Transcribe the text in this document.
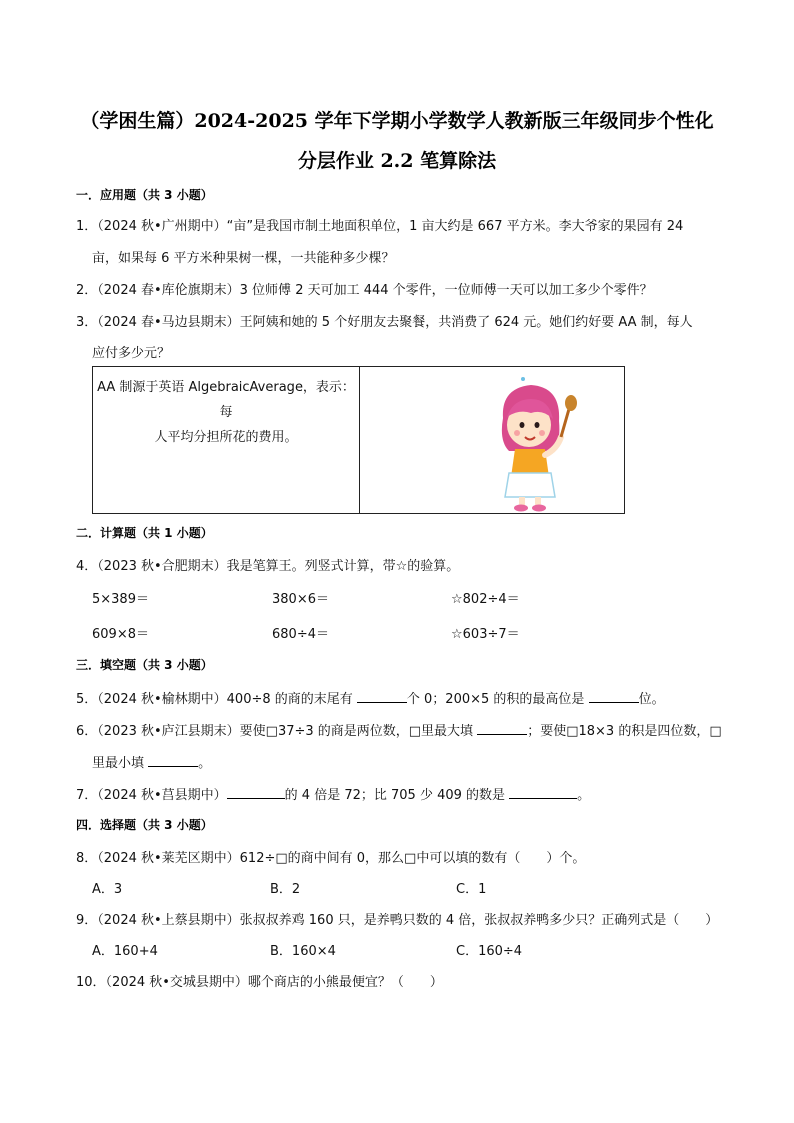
（学困生篇）2024-2025 学年下学期小学数学人教新版三年级同步个性化
分层作业 2.2 笔算除法
一．应用题（共 3 小题）
1．（2024 秋•广州期中）“亩”是我国市制土地面积单位，1 亩大约是 667 平方米。李大爷家的果园有 24
亩，如果每 6 平方米种果树一棵，一共能种多少棵？
2．（2024 春•库伦旗期末）3 位师傅 2 天可加工 444 个零件，一位师傅一天可以加工多少个零件？
3．（2024 春•马边县期末）王阿姨和她的 5 个好朋友去聚餐，共消费了 624 元。她们约好要 AA 制，每人
应付多少元？
AA 制源于英语 AlgebraicAverage，表示：每
人平均分担所花的费用。
二．计算题（共 1 小题）
4．（2023 秋•合肥期末）我是笔算王。列竖式计算，带☆的验算。
5×389＝	380×6＝	☆802÷4＝
609×8＝	680÷4＝	☆603÷7＝
三．填空题（共 3 小题）
5．（2024 秋•榆林期中）400÷8 的商的末尾有	个 0；200×5 的积的最高位是	位。
6．（2023 秋•庐江县期末）要使□37÷3 的商是两位数，□里最大填	；要使□18×3 的积是四位数，□
里最小填	。
7．（2024 秋•莒县期中）	的 4 倍是 72；比 705 少 409 的数是	。
四．选择题（共 3 小题）
8．（2024 秋•莱芜区期中）612÷□的商中间有 0，那么□中可以填的数有（　　）个。
A．3	B．2	C．1
9．（2024 秋•上蔡县期中）张叔叔养鸡 160 只，是养鸭只数的 4 倍，张叔叔养鸭多少只？正确列式是（　　）
A．160+4	B．160×4	C．160÷4
10．（2024 秋•交城县期中）哪个商店的小熊最便宜？（　　）
